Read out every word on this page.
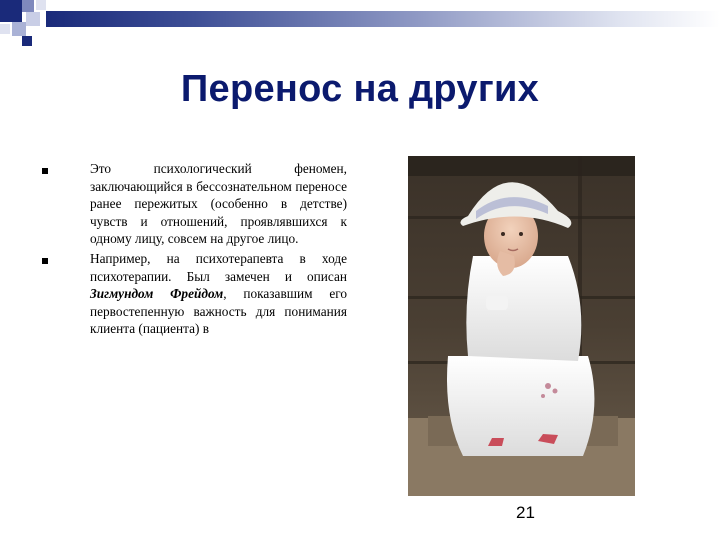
Перенос на других
Это психологический феномен, заключающийся в бессознательном переносе ранее пережитых (особенно в детстве) чувств и отношений, проявлявшихся к одному лицу, совсем на другое лицо.
Например, на психотерапевта в ходе психотерапии. Был замечен и описан Зигмундом Фрейдом, показавшим его первостепенную важность для понимания клиента (пациента) в
21
